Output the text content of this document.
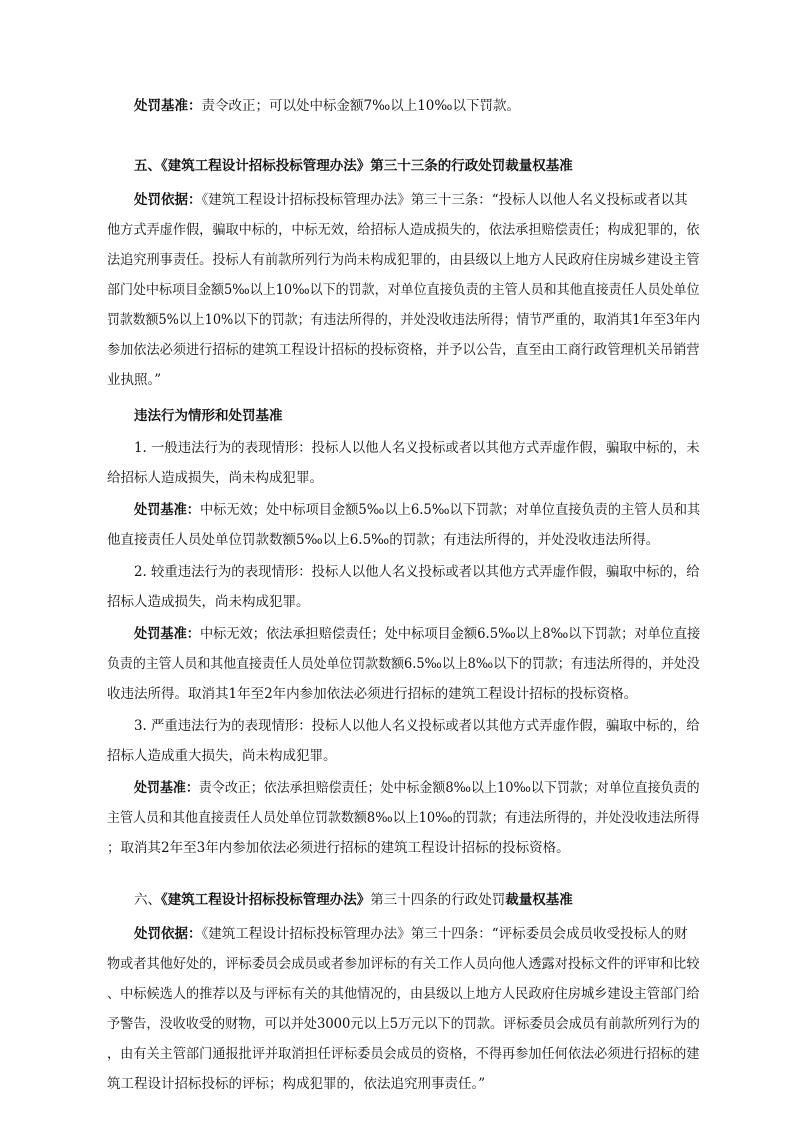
处罚基准：责令改正；可以处中标金额7‰以上10‰以下罚款。
五、《建筑工程设计招标投标管理办法》第三十三条的行政处罚裁量权基准
处罚依据：《建筑工程设计招标投标管理办法》第三十三条：“投标人以他人名义投标或者以其
他方式弄虚作假，骗取中标的，中标无效，给招标人造成损失的，依法承担赔偿责任；构成犯罪的，依
法追究刑事责任。投标人有前款所列行为尚未构成犯罪的，由县级以上地方人民政府住房城乡建设主管
部门处中标项目金额5‰以上10‰以下的罚款，对单位直接负责的主管人员和其他直接责任人员处单位
罚款数额5%以上10%以下的罚款；有违法所得的，并处没收违法所得；情节严重的，取消其1年至3年内
参加依法必须进行招标的建筑工程设计招标的投标资格，并予以公告，直至由工商行政管理机关吊销营
业执照。”
违法行为情形和处罚基准
1. 一般违法行为的表现情形：投标人以他人名义投标或者以其他方式弄虚作假，骗取中标的，未
给招标人造成损失，尚未构成犯罪。
处罚基准：中标无效；处中标项目金额5‰以上6.5‰以下罚款；对单位直接负责的主管人员和其
他直接责任人员处单位罚款数额5‰以上6.5‰的罚款；有违法所得的，并处没收违法所得。
2. 较重违法行为的表现情形：投标人以他人名义投标或者以其他方式弄虚作假，骗取中标的，给
招标人造成损失，尚未构成犯罪。
处罚基准：中标无效；依法承担赔偿责任；处中标项目金额6.5‰以上8‰以下罚款；对单位直接
负责的主管人员和其他直接责任人员处单位罚款数额6.5‰以上8‰以下的罚款；有违法所得的，并处没
收违法所得。取消其1年至2年内参加依法必须进行招标的建筑工程设计招标的投标资格。
3. 严重违法行为的表现情形：投标人以他人名义投标或者以其他方式弄虚作假，骗取中标的，给
招标人造成重大损失，尚未构成犯罪。
处罚基准：责令改正；依法承担赔偿责任；处中标金额8‰以上10‰以下罚款；对单位直接负责的
主管人员和其他直接责任人员处单位罚款数额8‰以上10‰的罚款；有违法所得的，并处没收违法所得
；取消其2年至3年内参加依法必须进行招标的建筑工程设计招标的投标资格。
六、《建筑工程设计招标投标管理办法》第三十四条的行政处罚裁量权基准
处罚依据：《建筑工程设计招标投标管理办法》第三十四条：“评标委员会成员收受投标人的财
物或者其他好处的，评标委员会成员或者参加评标的有关工作人员向他人透露对投标文件的评审和比较
、中标候选人的推荐以及与评标有关的其他情况的，由县级以上地方人民政府住房城乡建设主管部门给
予警告，没收收受的财物，可以并处3000元以上5万元以下的罚款。评标委员会成员有前款所列行为的
，由有关主管部门通报批评并取消担任评标委员会成员的资格，不得再参加任何依法必须进行招标的建
筑工程设计招标投标的评标；构成犯罪的，依法追究刑事责任。”
